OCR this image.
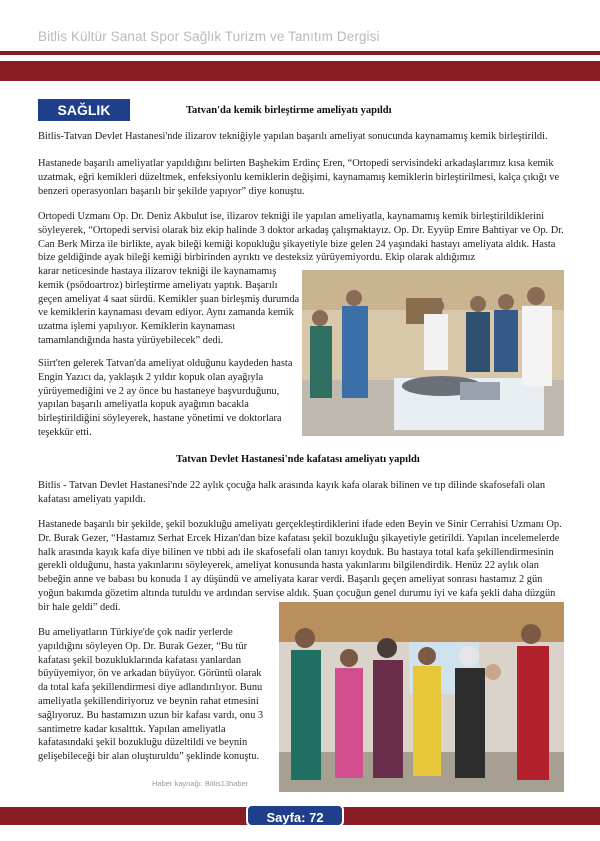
Bitlis Kültür Sanat Spor Sağlık Turizm ve Tanıtım Dergisi
SAĞLIK	Tatvan'da kemik birleştirme ameliyatı yapıldı

Bitlis-Tatvan Devlet Hastanesi'nde ilizarov tekniğiyle yapılan başarılı ameliyat sonucunda kaynamamış kemik birleştirildi.

Hastanede başarılı ameliyatlar yapıldığını belirten Başhekim Erdinç Eren, “Ortopedi servisindeki arkadaşlarımız kısa kemik uzatmak, eğri kemikleri düzeltmek, enfeksiyonlu kemiklerin değişimi, kaynamamış kemiklerin birleştirilmesi, kalça çıkığı ve benzeri operasyonları başarılı bir şekilde yapıyor” diye konuştu.

Ortopedi Uzmanı Op. Dr. Deniz Akbulut ise, ilizarov tekniği ile yapılan ameliyatla, kaynamamış kemik birleştirildiklerini söyleyerek, “Ortopedi servisi olarak biz ekip halinde 3 doktor arkadaş çalışmaktayız. Op. Dr. Eyyüp Emre Bahtiyar ve Op. Dr. Can Berk Mirza ile birlikte, ayak bileği kemiği kopukluğu şikayetiyle bize gelen 24 yaşındaki hastayı ameliyata aldık. Hasta bize geldiğinde ayak bileği kemiği birbirinden ayrıktı ve desteksiz yürüyemiyordu. Ekip olarak aldığımız

karar neticesinde hastaya ilizarov tekniği ile kaynamamış kemik (psödoartroz) birleştirme ameliyatı yaptık. Başarılı geçen ameliyat 4 saat sürdü. Kemikler şuan birleşmiş durumda ve kemiklerin kaynaması devam ediyor. Aynı zamanda kemik uzatma işlemi yapılıyor. Kemiklerin kaynaması tamamlandığında hasta yürüyebilecek” dedi.

Siirt'ten gelerek Tatvan'da ameliyat olduğunu kaydeden hasta Engin Yazıcı da, yaklaşık 2 yıldır kopuk olan ayağıyla yürüyemediğini ve 2 ay önce bu hastaneye başvurduğunu, yapılan başarılı ameliyatla kopuk ayağının bacakla birleştirildiğini söyleyerek, hastane yönetimi ve doktorlara teşekkür etti.

Tatvan Devlet Hastanesi'nde kafatası ameliyatı yapıldı

Bitlis - Tatvan Devlet Hastanesi'nde 22 aylık çocuğa halk arasında kayık kafa olarak bilinen ve tıp dilinde skafosefali olan kafatası ameliyatı yapıldı.

Hastanede başarılı bir şekilde, şekil bozukluğu ameliyatı gerçekleştirdiklerini ifade eden Beyin ve Sinir Cerrahisi Uzmanı Op. Dr. Burak Gezer, “Hastamız Serhat Ercek Hizan'dan bize kafatası şekil bozukluğu şikayetiyle getirildi. Yapılan incelemelerde halk arasında kayık kafa diye bilinen ve tıbbi adı ile skafosefali olan tanıyı koyduk. Bu hastaya total kafa şekillendirmesinin gerekli olduğunu, hasta yakınlarını söyleyerek, ameliyat konusunda hasta yakınlarını bilgilendirdik. Henüz 22 aylık olan bebeğin anne ve babası bu konuda 1 ay düşündü ve ameliyata karar verdi. Başarılı geçen ameliyat sonrası hastamız 2 gün yoğun bakımda gözetim altında tutuldu ve ardından servise aldık. Şuan çocuğun genel durumu iyi ve kafa şekli daha düzgün bir hale geldi” dedi.

Bu ameliyatların Türkiye'de çok nadir yerlerde yapıldığını söyleyen Op. Dr. Burak Gezer, “Bu tür kafatası şekil bozukluklarında kafatası yanlardan büyüyemiyor, ön ve arkadan büyüyor. Görüntü olarak da total kafa şekillendirmesi diye adlandırılıyor. Bunu ameliyatla şekillendiriyoruz ve beynin rahat etmesini sağlıyoruz. Bu hastamızın uzun bir kafası vardı, onu 3 santimetre kadar kısalttık. Yapılan ameliyatla kafatasındaki şekil bozukluğu düzeltildi ve beynin gelişebileceği bir alan oluşturuldu” şeklinde konuştu.

Haber kaynağı: Bitlis13haber
Sayfa: 72
